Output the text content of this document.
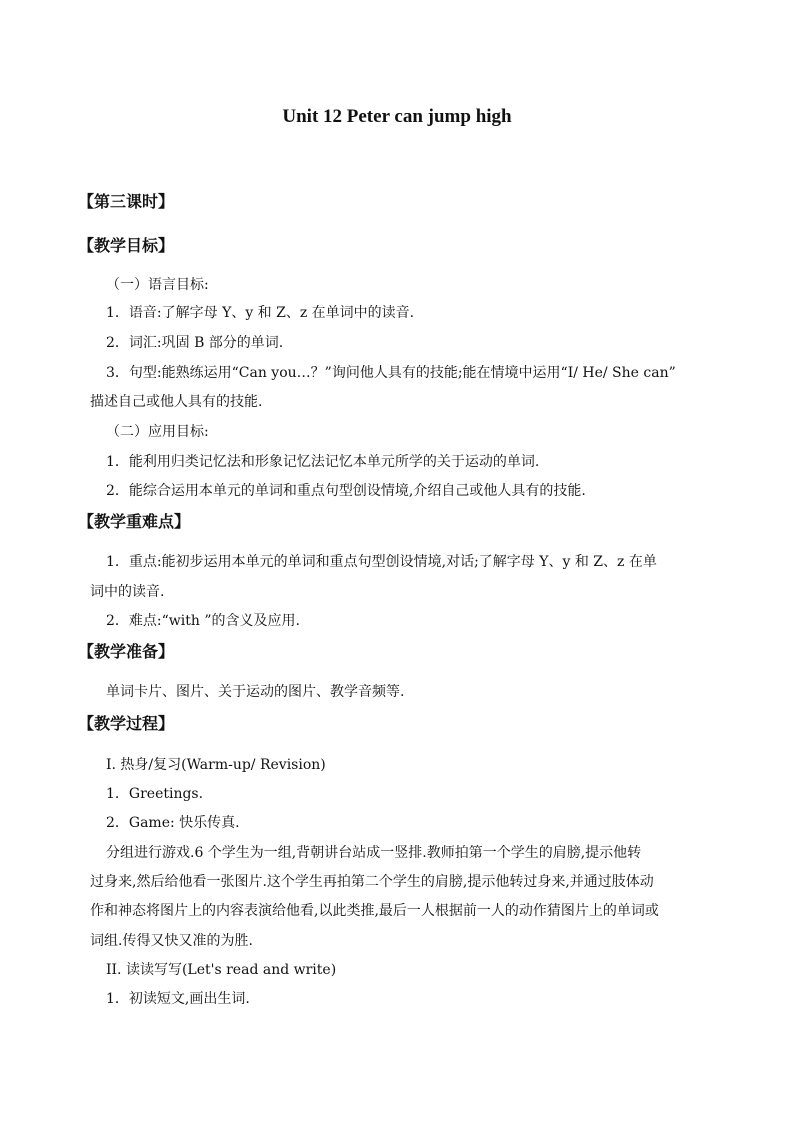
Unit 12 Peter can jump high
【第三课时】
【教学目标】
（一）语言目标:
1．语音:了解字母 Y、y 和 Z、z 在单词中的读音.
2．词汇:巩固 B 部分的单词.
3．句型:能熟练运用“Can you…？”询问他人具有的技能;能在情境中运用“I/ He/ She can”
描述自己或他人具有的技能.
（二）应用目标:
1．能利用归类记忆法和形象记忆法记忆本单元所学的关于运动的单词.
2．能综合运用本单元的单词和重点句型创设情境,介绍自己或他人具有的技能.
【教学重难点】
1．重点:能初步运用本单元的单词和重点句型创设情境,对话;了解字母 Y、y 和 Z、z 在单
词中的读音.
2．难点:“with ”的含义及应用.
【教学准备】
单词卡片、图片、关于运动的图片、教学音频等.
【教学过程】
I. 热身/复习(Warm-up/ Revision)
1．Greetings.
2．Game: 快乐传真.
分组进行游戏.6 个学生为一组,背朝讲台站成一竖排.教师拍第一个学生的肩膀,提示他转
过身来,然后给他看一张图片.这个学生再拍第二个学生的肩膀,提示他转过身来,并通过肢体动
作和神态将图片上的内容表演给他看,以此类推,最后一人根据前一人的动作猜图片上的单词或
词组.传得又快又准的为胜.
II. 读读写写(Let's read and write)
1．初读短文,画出生词.
